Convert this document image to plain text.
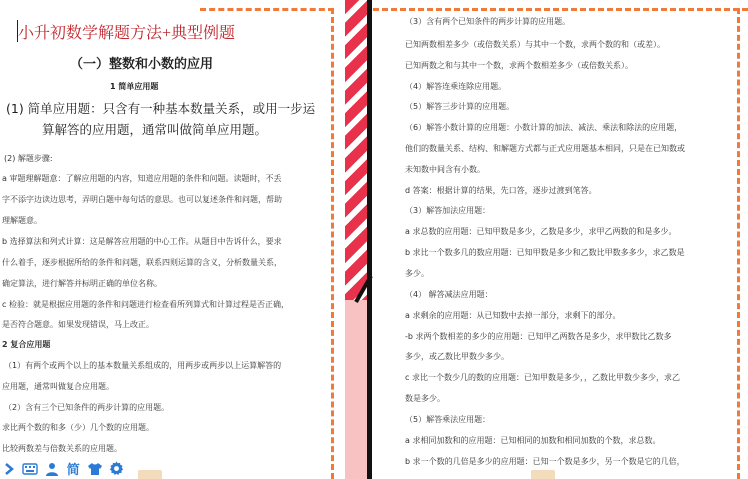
小升初数学解题方法+典型例题
（一）整数和小数的应用
1 简单应用题
(1) 简单应用题：只含有一种基本数量关系，或用一步运
算解答的应用题，通常叫做简单应用题。
(2) 解题步骤:
a 审题理解题意：了解应用题的内容，知道应用题的条件和问题。读题时，不丢
字不添字边读边思考，弄明白题中每句话的意思。也可以复述条件和问题，帮助
理解题意。
b 选择算法和列式计算：这是解答应用题的中心工作。从题目中告诉什么，要求
什么着手，逐步根据所给的条件和问题，联系四则运算的含义，分析数量关系，
确定算法，进行解答并标明正确的单位名称。
c 检验：就是根据应用题的条件和问题进行检查看所列算式和计算过程是否正确，
是否符合题意。如果发现错误，马上改正。
2 复合应用题
（1）有两个或两个以上的基本数量关系组成的，用两步或两步以上运算解答的
应用题，通常叫做复合应用题。
（2）含有三个已知条件的两步计算的应用题。
求比两个数的和多（少）几个数的应用题。
比较两数差与倍数关系的应用题。
（3）含有两个已知条件的两步计算的应用题。
已知两数相差多少（或倍数关系）与其中一个数，求两个数的和（或差）。
已知两数之和与其中一个数，求两个数相差多少（或倍数关系）。
（4）解答连乘连除应用题。
（5）解答三步计算的应用题。
（6）解答小数计算的应用题：小数计算的加法、减法、乘法和除法的应用题，
他们的数量关系、结构、和解题方式都与正式应用题基本相同，只是在已知数或
未知数中间含有小数。
d 答案：根据计算的结果，先口答，逐步过渡到笔答。
（3）解答加法应用题：
a 求总数的应用题：已知甲数是多少，乙数是多少，求甲乙两数的和是多少。
b 求比一个数多几的数应用题：已知甲数是多少和乙数比甲数多多少，求乙数是
多少。
（4） 解答减法应用题：
a 求剩余的应用题：从已知数中去掉一部分，求剩下的部分。
-b 求两个数相差的多少的应用题：已知甲乙两数各是多少，求甲数比乙数多
多少，或乙数比甲数少多少。
c 求比一个数少几的数的应用题：已知甲数是多少，，乙数比甲数少多少，求乙
数是多少。
（5）解答乘法应用题：
a 求相同加数和的应用题：已知相同的加数和相同加数的个数，求总数。
b 求一个数的几倍是多少的应用题：已知一个数是多少，另一个数是它的几倍，
简
